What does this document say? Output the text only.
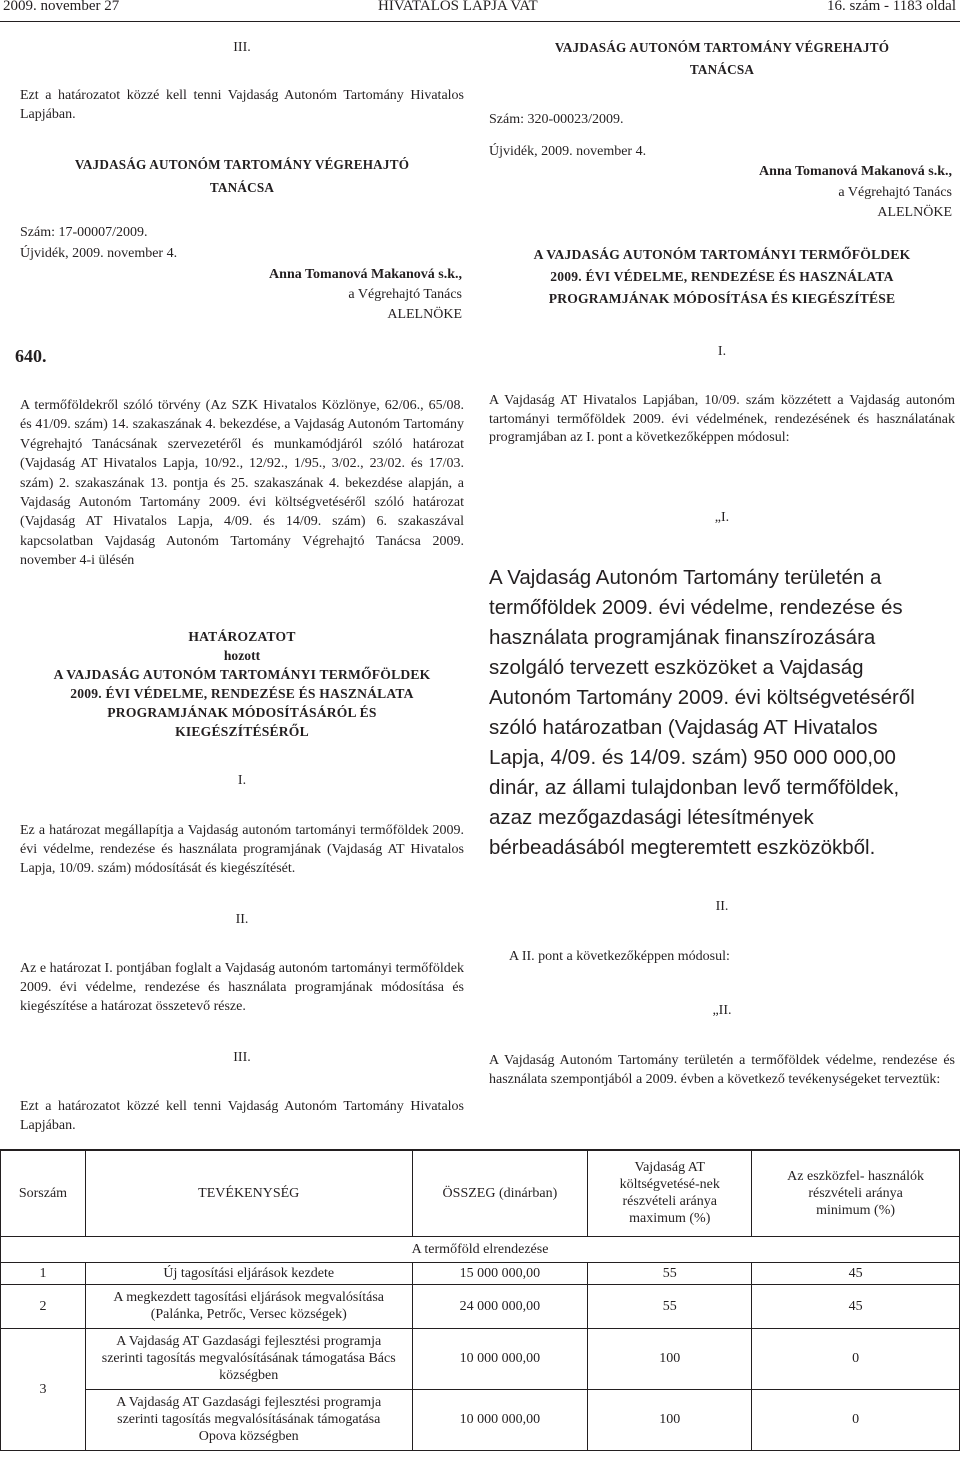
2009. november 27	HIVATALOS LAPJA VAT	16. szám - 1183 oldal
III.
Ezt a határozatot közzé kell tenni Vajdaság Autonóm Tartomány Hivatalos Lapjában.
VAJDASÁG AUTONÓM TARTOMÁNY VÉGREHAJTÓ
TANÁCSA
Szám: 17-00007/2009.
Újvidék, 2009. november 4.
Anna Tomanová Makanová s.k.,
a Végrehajtó Tanács
ALELNÖKE
640.
A termőföldekről szóló törvény (Az SZK Hivatalos Közlönye, 62/06., 65/08. és 41/09. szám) 14. szakaszának 4. bekezdése, a Vajdaság Autonóm Tartomány Végrehajtó Tanácsának szervezetéről és munkamódjáról szóló határozat (Vajdaság AT Hivatalos Lapja, 10/92., 12/92., 1/95., 3/02., 23/02. és 17/03. szám) 2. szakaszának 13. pontja és 25. szakaszának 4. bekezdése alapján, a Vajdaság Autonóm Tartomány 2009. évi költségvetéséről szóló határozat (Vajdaság AT Hivatalos Lapja, 4/09. és 14/09. szám) 6. szakaszával kapcsolatban Vajdaság Autonóm Tartomány Végrehajtó Tanácsa 2009. november 4-i ülésén
HATÁROZATOT
hozott
A VAJDASÁG AUTONÓM TARTOMÁNYI TERMŐFÖLDEK
2009. ÉVI VÉDELME, RENDEZÉSE ÉS HASZNÁLATA
PROGRAMJÁNAK MÓDOSÍTÁSÁRÓL ÉS
KIEGÉSZÍTÉSÉRŐL
I.
Ez a határozat megállapítja a Vajdaság autonóm tartományi termőföldek 2009. évi védelme, rendezése és használata programjának (Vajdaság AT Hivatalos Lapja, 10/09. szám) módosítását és kiegészítését.
II.
Az e határozat I. pontjában foglalt a Vajdaság autonóm tartományi termőföldek 2009. évi védelme, rendezése és használata programjának módosítása és kiegészítése a határozat összetevő része.
III.
Ezt a határozatot közzé kell tenni Vajdaság Autonóm Tartomány Hivatalos Lapjában.
VAJDASÁG AUTONÓM TARTOMÁNY VÉGREHAJTÓ
TANÁCSA
Szám: 320-00023/2009.
Újvidék, 2009. november 4.
Anna Tomanová Makanová s.k.,
a Végrehajtó Tanács
ALELNÖKE
A VAJDASÁG AUTONÓM TARTOMÁNYI TERMŐFÖLDEK
2009. ÉVI VÉDELME, RENDEZÉSE ÉS HASZNÁLATA
PROGRAMJÁNAK MÓDOSÍTÁSA ÉS KIEGÉSZÍTÉSE
I.
A Vajdaság AT Hivatalos Lapjában, 10/09. szám közzétett a Vajdaság autonóm tartományi termőföldek 2009. évi védelmének, rendezésének és használatának programjában az I. pont a következőképpen módosul:
„I.
A Vajdaság Autonóm Tartomány területén a termőföldek 2009. évi védelme, rendezése és használata programjának finanszírozására szolgáló tervezett eszközöket a Vajdaság Autonóm Tartomány 2009. évi költségvetéséről szóló határozatban (Vajdaság AT Hivatalos Lapja, 4/09. és 14/09. szám) 950 000 000,00 dinár, az állami tulajdonban levő termőföldek, azaz mezőgazdasági létesítmények bérbeadásából megteremtett eszközökből.
II.
A II. pont a következőképpen módosul:
„II.
A Vajdaság Autonóm Tartomány területén a termőföldek védelme, rendezése és használata szempontjából a 2009. évben a következő tevékenységeket terveztük:
Sorszám	TEVÉKENYSÉG	ÖSSZEG (dinárban)	Vajdaság AT költségvetésé-nek részvételi aránya maximum (%)	Az eszközfel- használók részvételi aránya minimum (%)
A termőföld elrendezése				
1	Új tagosítási eljárások kezdete	15 000 000,00	55	45
2	A megkezdett tagosítási eljárások megvalósítása (Palánka, Petrőc, Versec községek)	24 000 000,00	55	45
3	A Vajdaság AT Gazdasági fejlesztési programja szerinti tagosítás megvalósításának támogatása Bács községben	10 000 000,00	100	0
	A Vajdaság AT Gazdasági fejlesztési programja szerinti tagosítás megvalósításának támogatása Opova községben	10 000 000,00	100	0
